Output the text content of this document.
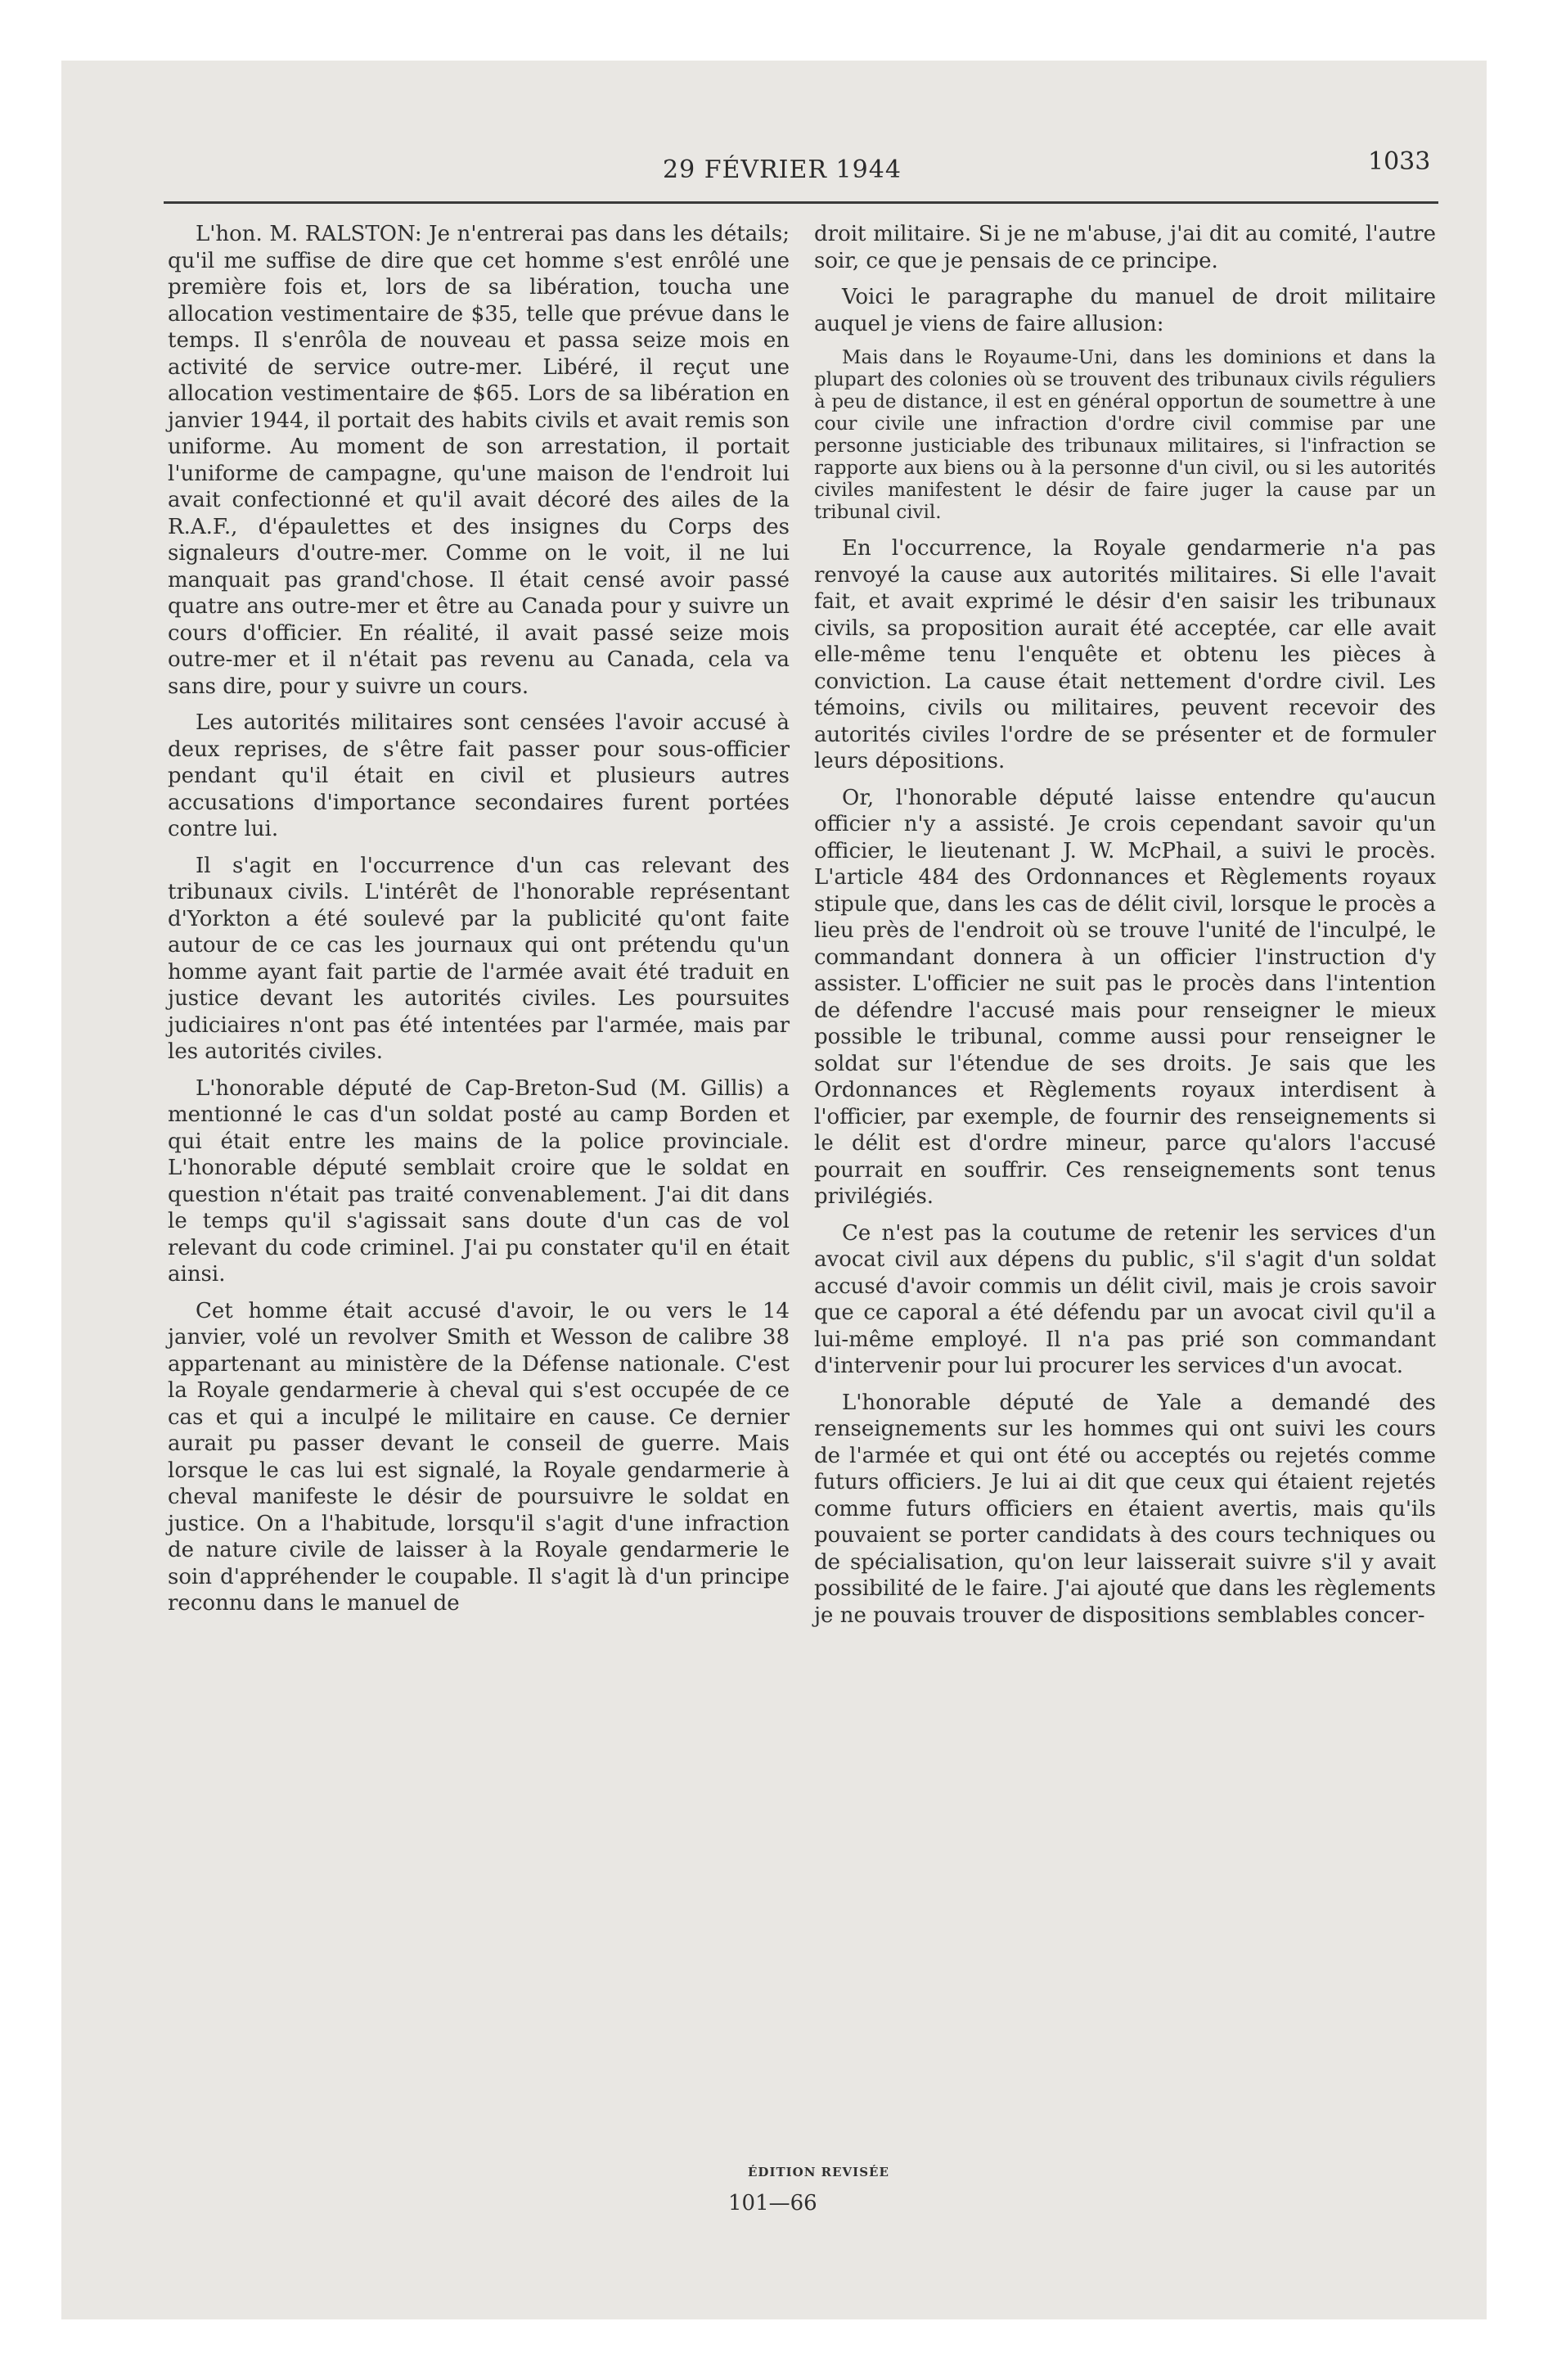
29 FÉVRIER 1944	1033

L'hon. M. RALSTON: Je n'entrerai pas dans les détails; qu'il me suffise de dire que cet homme s'est enrôlé une première fois et, lors de sa libération, toucha une allocation vestimentaire de $35, telle que prévue dans le temps. Il s'enrôla de nouveau et passa seize mois en activité de service outre-mer. Libéré, il reçut une allocation vestimentaire de $65. Lors de sa libération en janvier 1944, il portait des habits civils et avait remis son uniforme. Au moment de son arrestation, il portait l'uniforme de campagne, qu'une maison de l'endroit lui avait confectionné et qu'il avait décoré des ailes de la R.A.F., d'épaulettes et des insignes du Corps des signaleurs d'outre-mer. Comme on le voit, il ne lui manquait pas grand'chose. Il était censé avoir passé quatre ans outre-mer et être au Canada pour y suivre un cours d'officier. En réalité, il avait passé seize mois outre-mer et il n'était pas revenu au Canada, cela va sans dire, pour y suivre un cours.

Les autorités militaires sont censées l'avoir accusé à deux reprises, de s'être fait passer pour sous-officier pendant qu'il était en civil et plusieurs autres accusations d'importance secondaires furent portées contre lui.

Il s'agit en l'occurrence d'un cas relevant des tribunaux civils. L'intérêt de l'honorable représentant d'Yorkton a été soulevé par la publicité qu'ont faite autour de ce cas les journaux qui ont prétendu qu'un homme ayant fait partie de l'armée avait été traduit en justice devant les autorités civiles. Les poursuites judiciaires n'ont pas été intentées par l'armée, mais par les autorités civiles.

L'honorable député de Cap-Breton-Sud (M. Gillis) a mentionné le cas d'un soldat posté au camp Borden et qui était entre les mains de la police provinciale. L'honorable député semblait croire que le soldat en question n'était pas traité convenablement. J'ai dit dans le temps qu'il s'agissait sans doute d'un cas de vol relevant du code criminel. J'ai pu constater qu'il en était ainsi.

Cet homme était accusé d'avoir, le ou vers le 14 janvier, volé un revolver Smith et Wesson de calibre 38 appartenant au ministère de la Défense nationale. C'est la Royale gendarmerie à cheval qui s'est occupée de ce cas et qui a inculpé le militaire en cause. Ce dernier aurait pu passer devant le conseil de guerre. Mais lorsque le cas lui est signalé, la Royale gendarmerie à cheval manifeste le désir de poursuivre le soldat en justice. On a l'habitude, lorsqu'il s'agit d'une infraction de nature civile de laisser à la Royale gendarmerie le soin d'appréhender le coupable. Il s'agit là d'un principe reconnu dans le manuel de

droit militaire. Si je ne m'abuse, j'ai dit au comité, l'autre soir, ce que je pensais de ce principe.

Voici le paragraphe du manuel de droit militaire auquel je viens de faire allusion:

Mais dans le Royaume-Uni, dans les dominions et dans la plupart des colonies où se trouvent des tribunaux civils réguliers à peu de distance, il est en général opportun de soumettre à une cour civile une infraction d'ordre civil commise par une personne justiciable des tribunaux militaires, si l'infraction se rapporte aux biens ou à la personne d'un civil, ou si les autorités civiles manifestent le désir de faire juger la cause par un tribunal civil.

En l'occurrence, la Royale gendarmerie n'a pas renvoyé la cause aux autorités militaires. Si elle l'avait fait, et avait exprimé le désir d'en saisir les tribunaux civils, sa proposition aurait été acceptée, car elle avait elle-même tenu l'enquête et obtenu les pièces à conviction. La cause était nettement d'ordre civil. Les témoins, civils ou militaires, peuvent recevoir des autorités civiles l'ordre de se présenter et de formuler leurs dépositions.

Or, l'honorable député laisse entendre qu'aucun officier n'y a assisté. Je crois cependant savoir qu'un officier, le lieutenant J. W. McPhail, a suivi le procès. L'article 484 des Ordonnances et Règlements royaux stipule que, dans les cas de délit civil, lorsque le procès a lieu près de l'endroit où se trouve l'unité de l'inculpé, le commandant donnera à un officier l'instruction d'y assister. L'officier ne suit pas le procès dans l'intention de défendre l'accusé mais pour renseigner le mieux possible le tribunal, comme aussi pour renseigner le soldat sur l'étendue de ses droits. Je sais que les Ordonnances et Règlements royaux interdisent à l'officier, par exemple, de fournir des renseignements si le délit est d'ordre mineur, parce qu'alors l'accusé pourrait en souffrir. Ces renseignements sont tenus privilégiés.

Ce n'est pas la coutume de retenir les services d'un avocat civil aux dépens du public, s'il s'agit d'un soldat accusé d'avoir commis un délit civil, mais je crois savoir que ce caporal a été défendu par un avocat civil qu'il a lui-même employé. Il n'a pas prié son commandant d'intervenir pour lui procurer les services d'un avocat.

L'honorable député de Yale a demandé des renseignements sur les hommes qui ont suivi les cours de l'armée et qui ont été ou acceptés ou rejetés comme futurs officiers. Je lui ai dit que ceux qui étaient rejetés comme futurs officiers en étaient avertis, mais qu'ils pouvaient se porter candidats à des cours techniques ou de spécialisation, qu'on leur laisserait suivre s'il y avait possibilité de le faire. J'ai ajouté que dans les règlements je ne pouvais trouver de dispositions semblables concer-

ÉDITION REVISÉE
101—66
